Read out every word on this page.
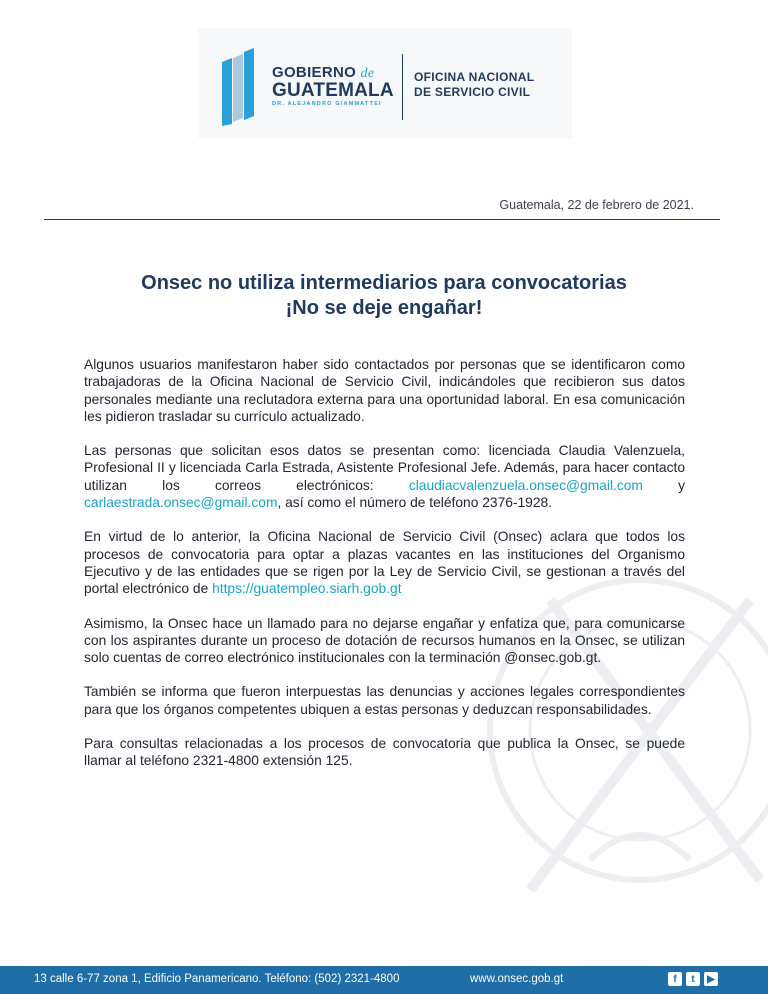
GOBIERNO de
GUATEMALA
DR. ALEJANDRO GIAMMATTEI
OFICINA NACIONAL
DE SERVICIO CIVIL
Guatemala, 22 de febrero de 2021.
Onsec no utiliza intermediarios para convocatorias
¡No se deje engañar!

Algunos usuarios manifestaron haber sido contactados por personas que se identificaron como trabajadoras de la Oficina Nacional de Servicio Civil, indicándoles que recibieron sus datos personales mediante una reclutadora externa para una oportunidad laboral. En esa comunicación les pidieron trasladar su currículo actualizado.

Las personas que solicitan esos datos se presentan como: licenciada Claudia Valenzuela, Profesional II y licenciada Carla Estrada, Asistente Profesional Jefe. Además, para hacer contacto utilizan los correos electrónicos: claudiacvalenzuela.onsec@gmail.com y carlaestrada.onsec@gmail.com, así como el número de teléfono 2376-1928.

En virtud de lo anterior, la Oficina Nacional de Servicio Civil (Onsec) aclara que todos los procesos de convocatoria para optar a plazas vacantes en las instituciones del Organismo Ejecutivo y de las entidades que se rigen por la Ley de Servicio Civil, se gestionan a través del portal electrónico de https://guatempleo.siarh.gob.gt

Asimismo, la Onsec hace un llamado para no dejarse engañar y enfatiza que, para comunicarse con los aspirantes durante un proceso de dotación de recursos humanos en la Onsec, se utilizan solo cuentas de correo electrónico institucionales con la terminación @onsec.gob.gt.

También se informa que fueron interpuestas las denuncias y acciones legales correspondientes para que los órganos competentes ubiquen a estas personas y deduzcan responsabilidades.

Para consultas relacionadas a los procesos de convocatoria que publica la Onsec, se puede llamar al teléfono 2321-4800 extensión 125.

13 calle 6-77 zona 1, Edificio Panamericano. Teléfono: (502) 2321-4800	www.onsec.gob.gt	f	t	▶
